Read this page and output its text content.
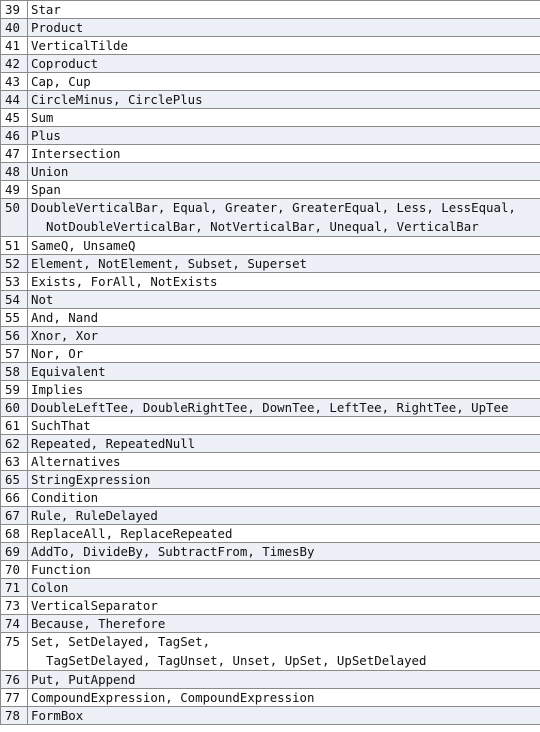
39	Star
40	Product
41	VerticalTilde
42	Coproduct
43	Cap, Cup
44	CircleMinus, CirclePlus
45	Sum
46	Plus
47	Intersection
48	Union
49	Span
50	DoubleVerticalBar, Equal, Greater, GreaterEqual, Less, LessEqual,
NotDoubleVerticalBar, NotVerticalBar, Unequal, VerticalBar

51	SameQ, UnsameQ
52	Element, NotElement, Subset, Superset
53	Exists, ForAll, NotExists
54	Not
55	And, Nand
56	Xnor, Xor
57	Nor, Or
58	Equivalent
59	Implies
60	DoubleLeftTee, DoubleRightTee, DownTee, LeftTee, RightTee, UpTee
61	SuchThat
62	Repeated, RepeatedNull
63	Alternatives
65	StringExpression
66	Condition
67	Rule, RuleDelayed
68	ReplaceAll, ReplaceRepeated
69	AddTo, DivideBy, SubtractFrom, TimesBy
70	Function
71	Colon
73	VerticalSeparator
74	Because, Therefore
75	Set, SetDelayed, TagSet,
TagSetDelayed, TagUnset, Unset, UpSet, UpSetDelayed

76	Put, PutAppend
77	CompoundExpression, CompoundExpression
78	FormBox
